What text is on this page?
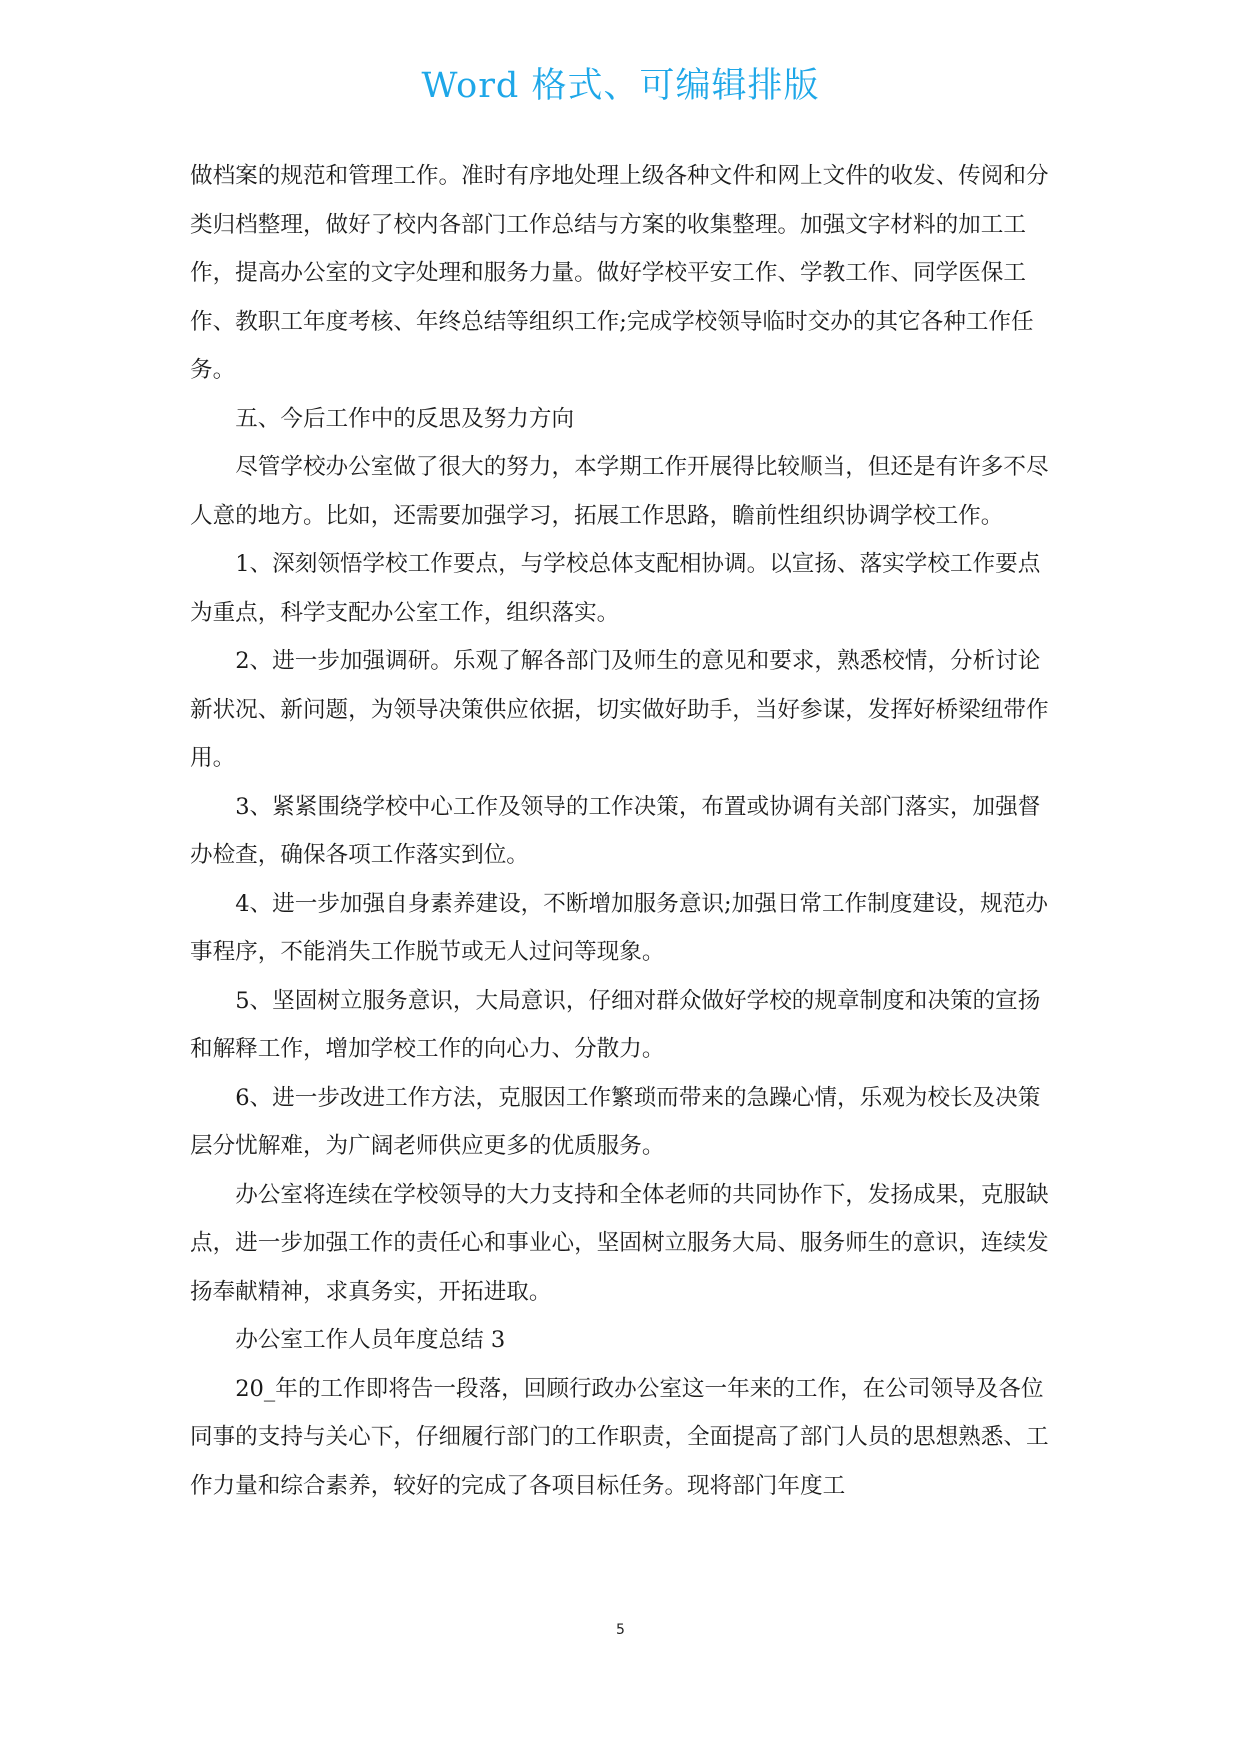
Word 格式、可编辑排版

做档案的规范和管理工作。准时有序地处理上级各种文件和网上文件的收发、传阅和分类归档整理，做好了校内各部门工作总结与方案的收集整理。加强文字材料的加工工作，提高办公室的文字处理和服务力量。做好学校平安工作、学教工作、同学医保工作、教职工年度考核、年终总结等组织工作;完成学校领导临时交办的其它各种工作任务。

五、今后工作中的反思及努力方向

尽管学校办公室做了很大的努力，本学期工作开展得比较顺当，但还是有许多不尽人意的地方。比如，还需要加强学习，拓展工作思路，瞻前性组织协调学校工作。

1、深刻领悟学校工作要点，与学校总体支配相协调。以宣扬、落实学校工作要点为重点，科学支配办公室工作，组织落实。

2、进一步加强调研。乐观了解各部门及师生的意见和要求，熟悉校情，分析讨论新状况、新问题，为领导决策供应依据，切实做好助手，当好参谋，发挥好桥梁纽带作用。

3、紧紧围绕学校中心工作及领导的工作决策，布置或协调有关部门落实，加强督办检查，确保各项工作落实到位。

4、进一步加强自身素养建设，不断增加服务意识;加强日常工作制度建设，规范办事程序，不能消失工作脱节或无人过问等现象。

5、坚固树立服务意识，大局意识，仔细对群众做好学校的规章制度和决策的宣扬和解释工作，增加学校工作的向心力、分散力。

6、进一步改进工作方法，克服因工作繁琐而带来的急躁心情，乐观为校长及决策层分忧解难，为广阔老师供应更多的优质服务。

办公室将连续在学校领导的大力支持和全体老师的共同协作下，发扬成果，克服缺点，进一步加强工作的责任心和事业心，坚固树立服务大局、服务师生的意识，连续发扬奉献精神，求真务实，开拓进取。

办公室工作人员年度总结 3

20_年的工作即将告一段落，回顾行政办公室这一年来的工作，在公司领导及各位同事的支持与关心下，仔细履行部门的工作职责，全面提高了部门人员的思想熟悉、工作力量和综合素养，较好的完成了各项目标任务。现将部门年度工

5
